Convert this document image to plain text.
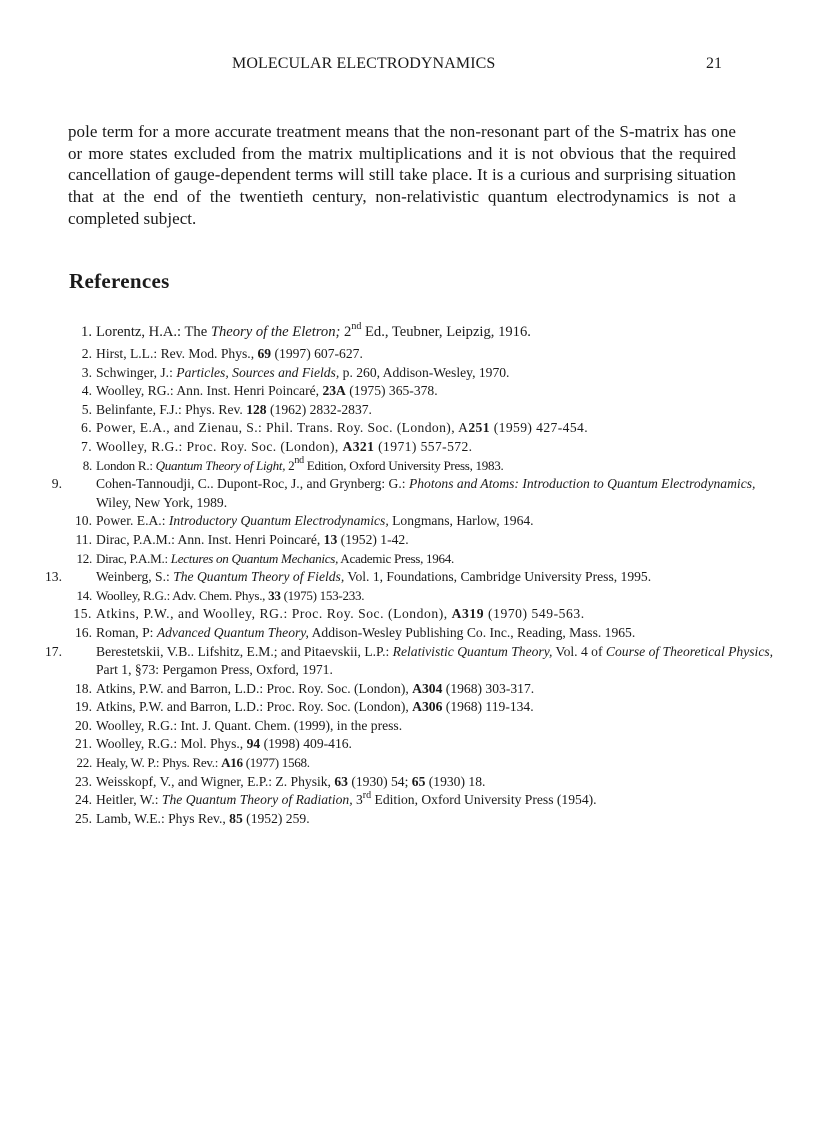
MOLECULAR ELECTRODYNAMICS	21

pole term for a more accurate treatment means that the non-resonant part of the S-matrix has one or more states excluded from the matrix multiplications and it is not obvious that the required cancellation of gauge-dependent terms will still take place. It is a curious and surprising situation that at the end of the twentieth century, non-relativistic quantum electrodynamics is not a completed subject.

References
1. Lorentz, H.A.: The Theory of the Eletron; 2nd Ed., Teubner, Leipzig, 1916.
2. Hirst, L.L.: Rev. Mod. Phys., 69 (1997) 607-627.
3. Schwinger, J.: Particles, Sources and Fields, p. 260, Addison-Wesley, 1970.
4. Woolley, RG.: Ann. Inst. Henri Poincaré, 23A (1975) 365-378.
5. Belinfante, F.J.: Phys. Rev. 128 (1962) 2832-2837.
6. Power, E.A., and Zienau, S.: Phil. Trans. Roy. Soc. (London), A251 (1959) 427-454.
7. Woolley, R.G.: Proc. Roy. Soc. (London), A321 (1971) 557-572.
8. London R.: Quantum Theory of Light, 2nd Edition, Oxford University Press, 1983.
9.	Cohen-Tannoudji, C.. Dupont-Roc, J., and Grynberg: G.: Photons and Atoms: Introduction to Quantum Electrodynamics, Wiley, New York, 1989.
10. Power. E.A.: Introductory Quantum Electrodynamics, Longmans, Harlow, 1964.
11. Dirac, P.A.M.: Ann. Inst. Henri Poincaré, 13 (1952) 1-42.
12. Dirac, P.A.M.: Lectures on Quantum Mechanics, Academic Press, 1964.
13.	Weinberg, S.: The Quantum Theory of Fields, Vol. 1, Foundations, Cambridge University Press, 1995.
14. Woolley, R.G.: Adv. Chem. Phys., 33 (1975) 153-233.
15. Atkins, P.W., and Woolley, RG.: Proc. Roy. Soc. (London), A319 (1970) 549-563.
16. Roman, P: Advanced Quantum Theory, Addison-Wesley Publishing Co. Inc., Reading, Mass. 1965.
17.	Berestetskii, V.B.. Lifshitz, E.M.; and Pitaevskii, L.P.: Relativistic Quantum Theory, Vol. 4 of Course of Theoretical Physics, Part 1, §73: Pergamon Press, Oxford, 1971.
18. Atkins, P.W. and Barron, L.D.: Proc. Roy. Soc. (London), A304 (1968) 303-317.
19. Atkins, P.W. and Barron, L.D.: Proc. Roy. Soc. (London), A306 (1968) 119-134.
20. Woolley, R.G.: Int. J. Quant. Chem. (1999), in the press.
21. Woolley, R.G.: Mol. Phys., 94 (1998) 409-416.
22. Healy, W. P.: Phys. Rev.: A16 (1977) 1568.
23. Weisskopf, V., and Wigner, E.P.: Z. Physik, 63 (1930) 54; 65 (1930) 18.
24. Heitler, W.: The Quantum Theory of Radiation, 3rd Edition, Oxford University Press (1954).
25. Lamb, W.E.: Phys Rev., 85 (1952) 259.
